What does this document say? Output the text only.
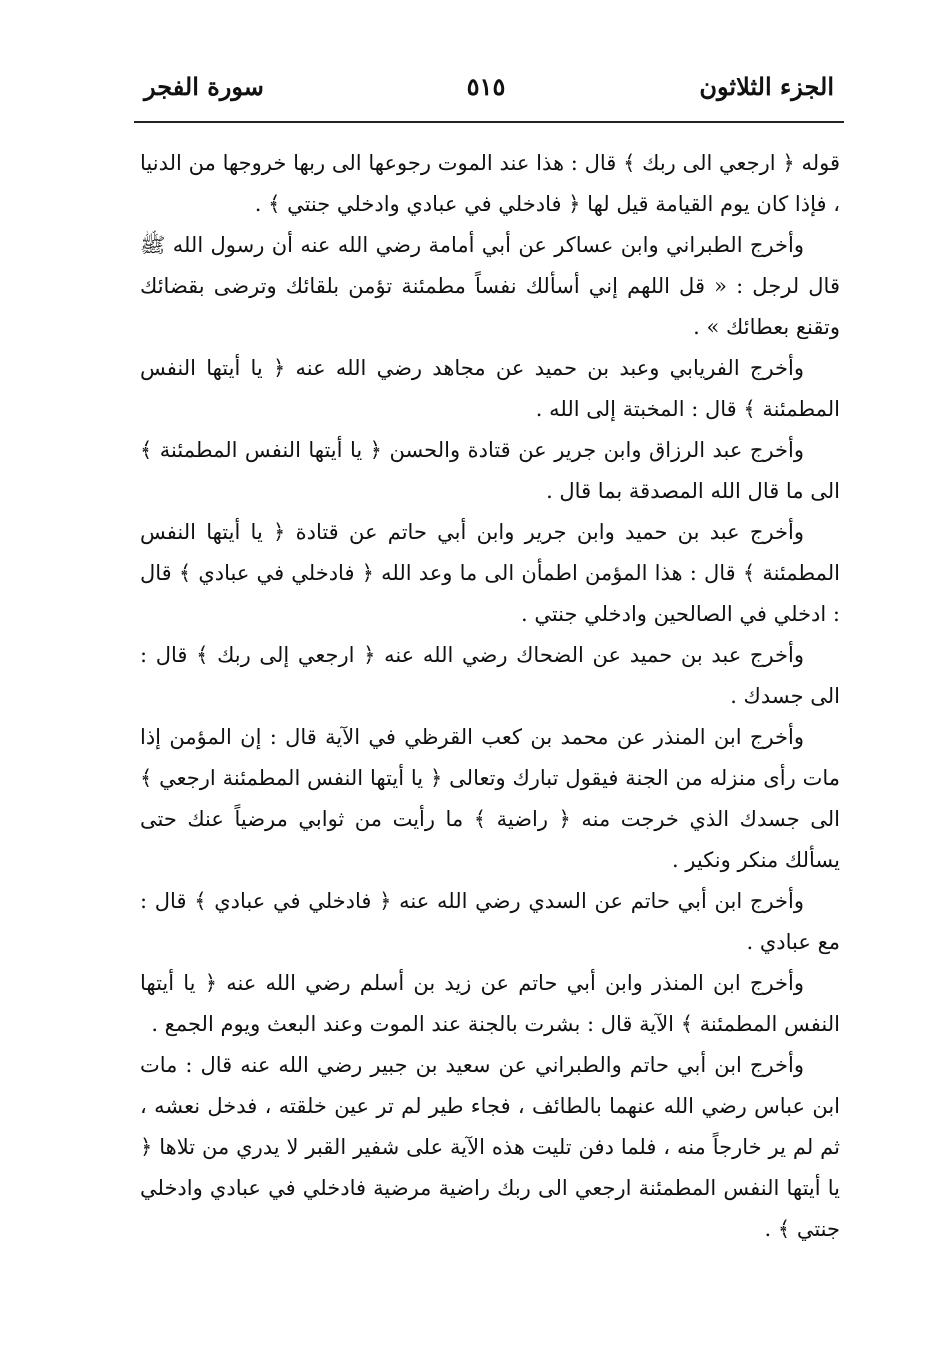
الجزء الثلاثون
٥١٥
سورة الفجر

قوله ﴿ ارجعي الى ربك ﴾ قال : هذا عند الموت رجوعها الى ربها خروجها من الدنيا ، فإذا كان يوم القيامة قيل لها ﴿ فادخلي في عبادي وادخلي جنتي ﴾ .

وأخرج الطبراني وابن عساكر عن أبي أمامة رضي الله عنه أن رسول الله ﷺ قال لرجل : « قل اللهم إني أسألك نفساً مطمئنة تؤمن بلقائك وترضى بقضائك وتقنع بعطائك » .

وأخرج الفريابي وعبد بن حميد عن مجاهد رضي الله عنه ﴿ يا أيتها النفس المطمئنة ﴾ قال : المخبتة إلى الله .

وأخرج عبد الرزاق وابن جرير عن قتادة والحسن ﴿ يا أيتها النفس المطمئنة ﴾ الى ما قال الله المصدقة بما قال .

وأخرج عبد بن حميد وابن جرير وابن أبي حاتم عن قتادة ﴿ يا أيتها النفس المطمئنة ﴾ قال : هذا المؤمن اطمأن الى ما وعد الله ﴿ فادخلي في عبادي ﴾ قال : ادخلي في الصالحين وادخلي جنتي .

وأخرج عبد بن حميد عن الضحاك رضي الله عنه ﴿ ارجعي إلى ربك ﴾ قال : الى جسدك .

وأخرج ابن المنذر عن محمد بن كعب القرظي في الآية قال : إن المؤمن إذا مات رأى منزله من الجنة فيقول تبارك وتعالى ﴿ يا أيتها النفس المطمئنة ارجعي ﴾ الى جسدك الذي خرجت منه ﴿ راضية ﴾ ما رأيت من ثوابي مرضياً عنك حتى يسألك منكر ونكير .

وأخرج ابن أبي حاتم عن السدي رضي الله عنه ﴿ فادخلي في عبادي ﴾ قال : مع عبادي .

وأخرج ابن المنذر وابن أبي حاتم عن زيد بن أسلم رضي الله عنه ﴿ يا أيتها النفس المطمئنة ﴾ الآية قال : بشرت بالجنة عند الموت وعند البعث ويوم الجمع .

وأخرج ابن أبي حاتم والطبراني عن سعيد بن جبير رضي الله عنه قال : مات ابن عباس رضي الله عنهما بالطائف ، فجاء طير لم تر عين خلقته ، فدخل نعشه ، ثم لم ير خارجاً منه ، فلما دفن تليت هذه الآية على شفير القبر لا يدري من تلاها ﴿ يا أيتها النفس المطمئنة ارجعي الى ربك راضية مرضية فادخلي في عبادي وادخلي جنتي ﴾ .
